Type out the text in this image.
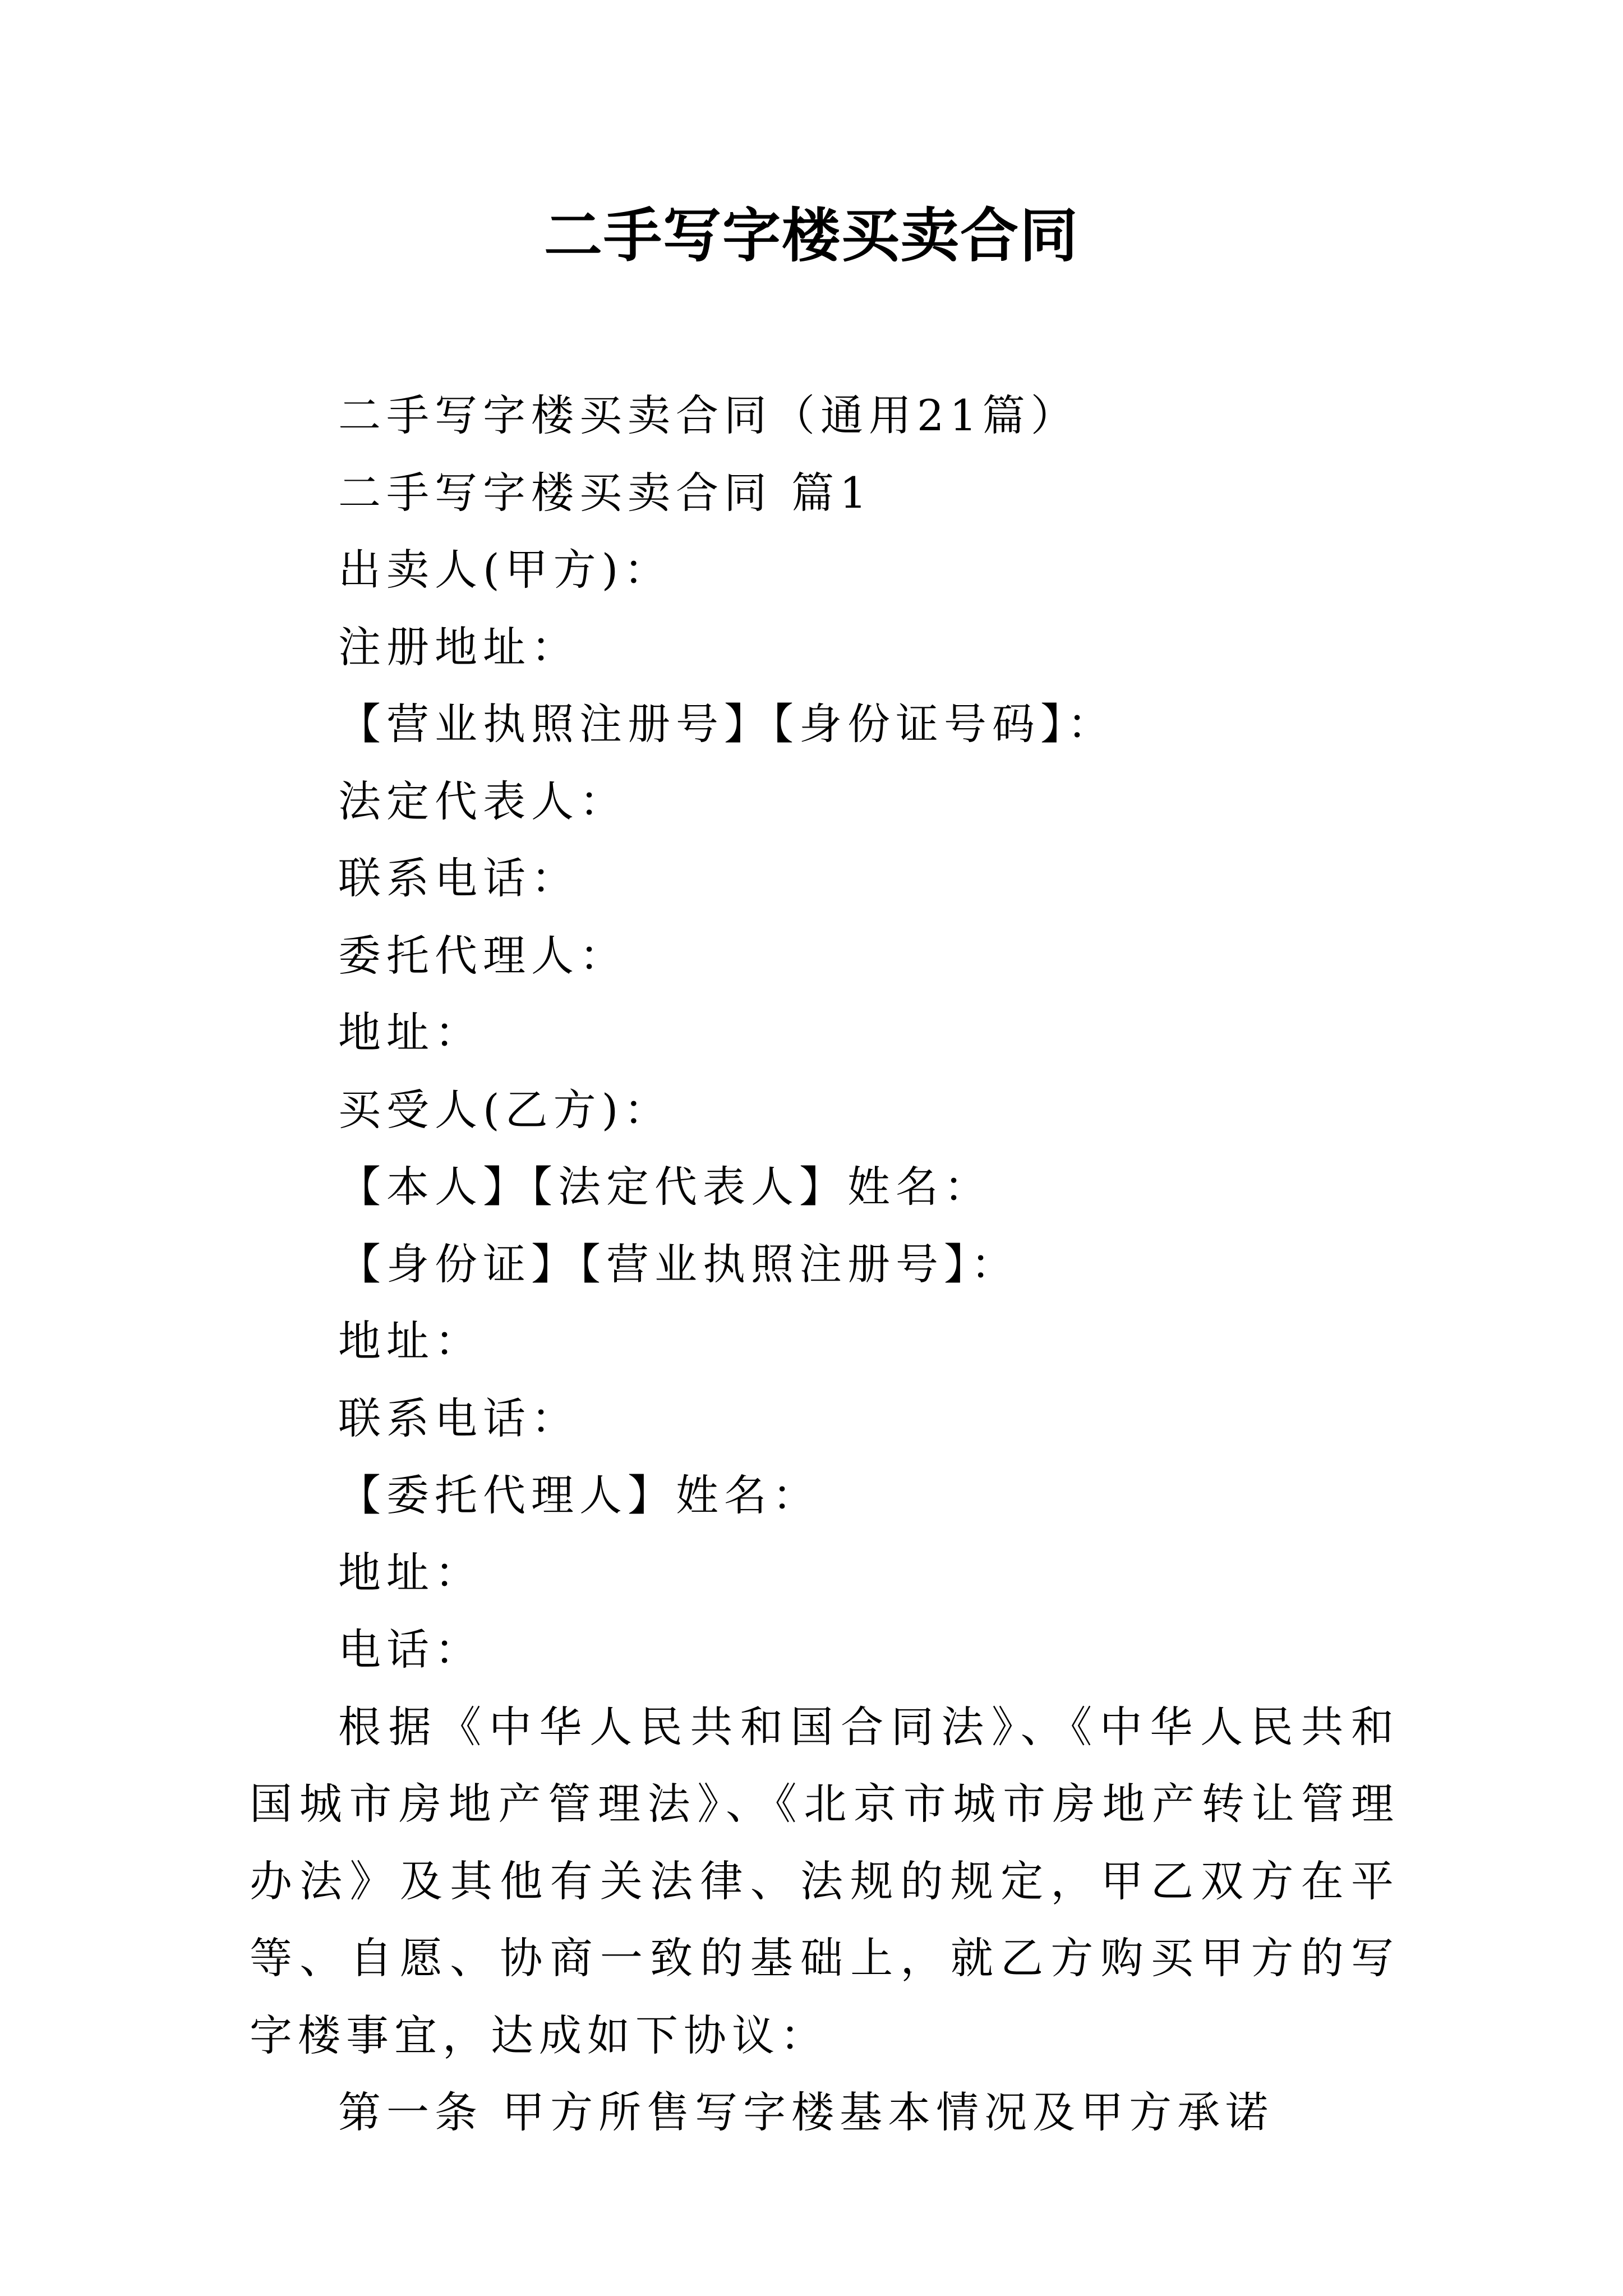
二手写字楼买卖合同
二手写字楼买卖合同（通用21篇）
二手写字楼买卖合同 篇1
出卖人(甲方)：
注册地址：
【营业执照注册号】【身份证号码】：
法定代表人：
联系电话：
委托代理人：
地址：
买受人(乙方)：
【本人】【法定代表人】姓名：
【身份证】【营业执照注册号】：
地址：
联系电话：
【委托代理人】姓名：
地址：
电话：
根据《中华人民共和国合同法》、《中华人民共和国城市房地产管理法》、《北京市城市房地产转让管理办法》及其他有关法律、法规的规定，甲乙双方在平等、自愿、协商一致的基础上，就乙方购买甲方的写字楼事宜，达成如下协议：
第一条 甲方所售写字楼基本情况及甲方承诺
